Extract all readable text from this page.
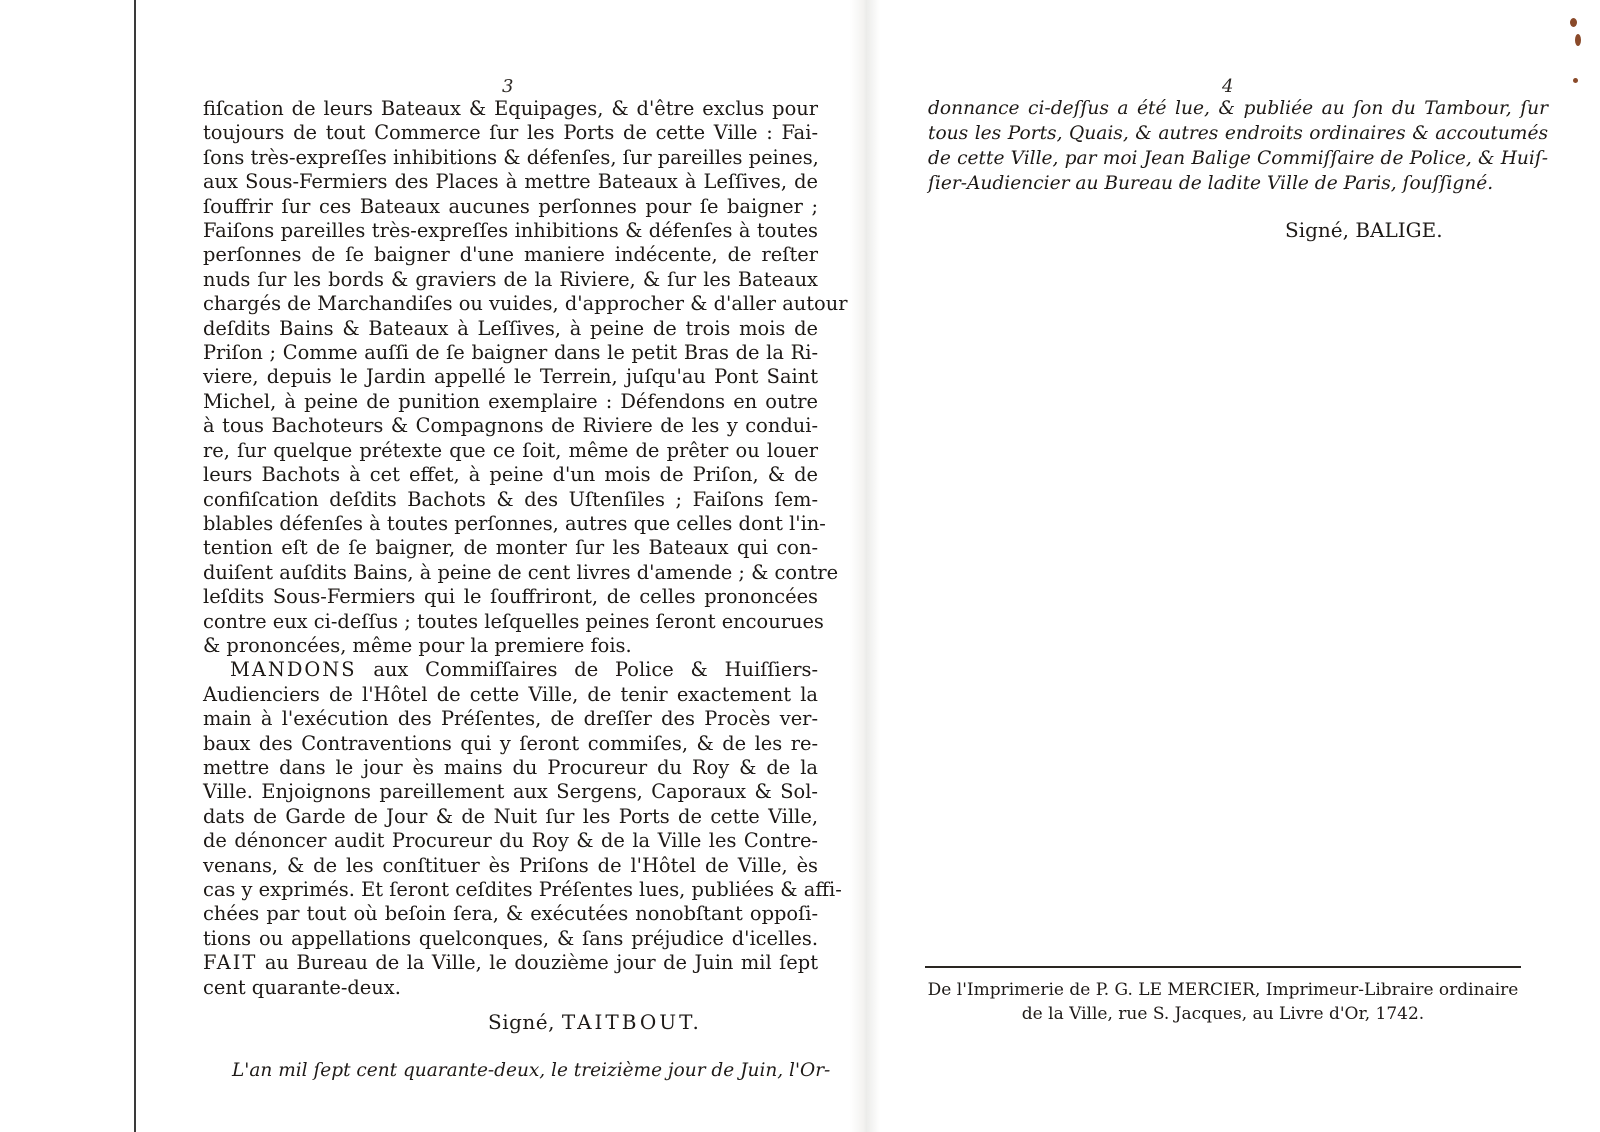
3
fiſcation de leurs Bateaux & Equipages, & d'être exclus pour
toujours de tout Commerce ſur les Ports de cette Ville : Fai-
ſons très-expreſſes inhibitions & défenſes, ſur pareilles peines,
aux Sous-Fermiers des Places à mettre Bateaux à Leſſives, de
ſouffrir ſur ces Bateaux aucunes perſonnes pour ſe baigner ;
Faiſons pareilles très-expreſſes inhibitions & défenſes à toutes
perſonnes de ſe baigner d'une maniere indécente, de reſter
nuds ſur les bords & graviers de la Riviere, & ſur les Bateaux
chargés de Marchandiſes ou vuides, d'approcher & d'aller autour
deſdits Bains & Bateaux à Leſſives, à peine de trois mois de
Priſon ; Comme auſſi de ſe baigner dans le petit Bras de la Ri-
viere, depuis le Jardin appellé le Terrein, juſqu'au Pont Saint
Michel, à peine de punition exemplaire : Défendons en outre
à tous Bachoteurs & Compagnons de Riviere de les y condui-
re, ſur quelque prétexte que ce ſoit, même de prêter ou louer
leurs Bachots à cet effet, à peine d'un mois de Priſon, & de
confiſcation deſdits Bachots & des Uſtenſiles ; Faiſons ſem-
blables défenſes à toutes perſonnes, autres que celles dont l'in-
tention eſt de ſe baigner, de monter ſur les Bateaux qui con-
duiſent auſdits Bains, à peine de cent livres d'amende ; & contre
leſdits Sous-Fermiers qui le ſouffriront, de celles prononcées
contre eux ci-deſſus ; toutes leſquelles peines ſeront encourues
& prononcées, même pour la premiere fois.
MANDONS aux Commiſſaires de Police & Huiſſiers-
Audienciers de l'Hôtel de cette Ville, de tenir exactement la
main à l'exécution des Préſentes, de dreſſer des Procès ver-
baux des Contraventions qui y ſeront commiſes, & de les re-
mettre dans le jour ès mains du Procureur du Roy & de la
Ville. Enjoignons pareillement aux Sergens, Caporaux & Sol-
dats de Garde de Jour & de Nuit ſur les Ports de cette Ville,
de dénoncer audit Procureur du Roy & de la Ville les Contre-
venans, & de les conſtituer ès Priſons de l'Hôtel de Ville, ès
cas y exprimés. Et ſeront ceſdites Préſentes lues, publiées & affi-
chées par tout où beſoin ſera, & exécutées nonobſtant oppoſi-
tions ou appellations quelconques, & ſans préjudice d'icelles.
FAIT au Bureau de la Ville, le douzième jour de Juin mil ſept
cent quarante-deux.
Signé, TAITBOUT.
L'an mil ſept cent quarante-deux, le treizième jour de Juin, l'Or-
4
donnance ci-deſſus a été lue, & publiée au ſon du Tambour, ſur
tous les Ports, Quais, & autres endroits ordinaires & accoutumés
de cette Ville, par moi Jean Balige Commiſſaire de Police, & Huiſ-
ſier-Audiencier au Bureau de ladite Ville de Paris, ſouſſigné.
Signé, BALIGE.
De l'Imprimerie de P. G. LE MERCIER, Imprimeur-Libraire ordinaire
de la Ville, rue S. Jacques, au Livre d'Or, 1742.
